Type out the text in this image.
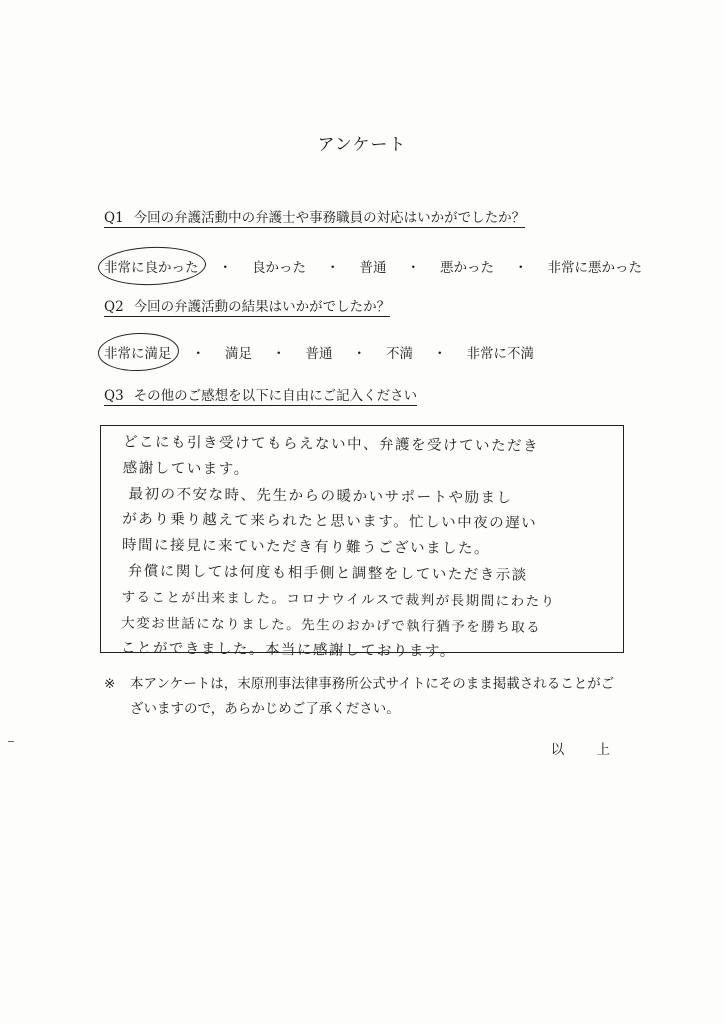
アンケート
Q1 今回の弁護活動中の弁護士や事務職員の対応はいかがでしたか？
非常に良かった ・ 良かった ・ 普通 ・ 悪かった ・ 非常に悪かった
Q2 今回の弁護活動の結果はいかがでしたか？
非常に満足 ・ 満足 ・ 普通 ・ 不満 ・ 非常に不満
Q3 その他のご感想を以下に自由にご記入ください
どこにも引き受けてもらえない中、弁護を受けていただき
感謝しています。
最初の不安な時、先生からの暖かいサポートや励まし
があり乗り越えて来られたと思います。忙しい中夜の遅い
時間に接見に来ていただき有り難うございました。
弁償に関しては何度も相手側と調整をしていただき示談
することが出来ました。コロナウイルスで裁判が長期間にわたり
大変お世話になりました。先生のおかげで執行猶予を勝ち取る
ことができました。本当に感謝しております。
※	本アンケートは，末原刑事法律事務所公式サイトにそのまま掲載されることがございますので，あらかじめご了承ください。
以 上
